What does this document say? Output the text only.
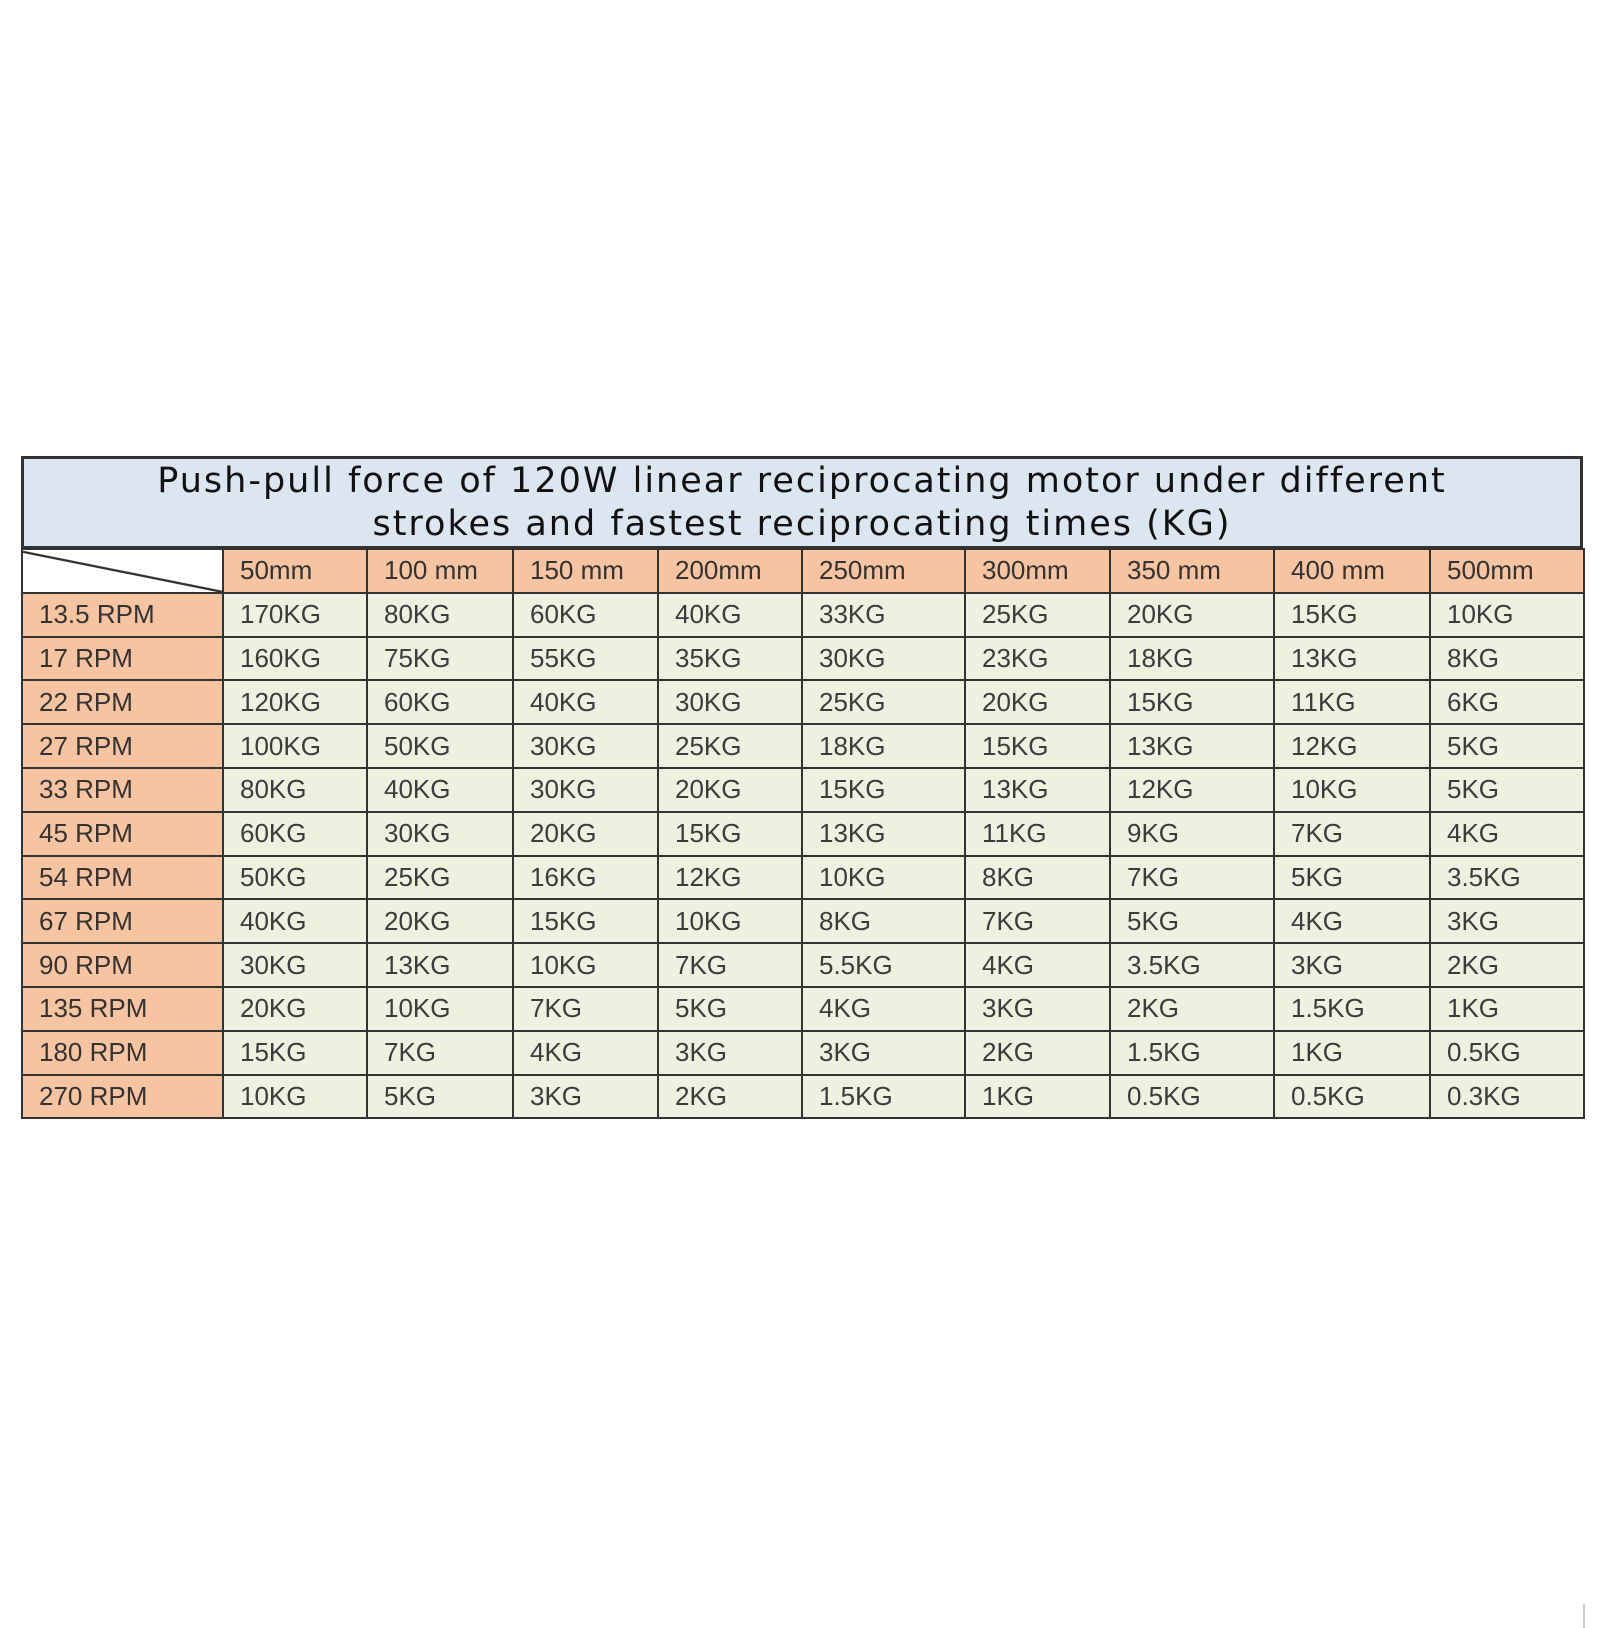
Push-pull force of 120W linear reciprocating motor under different
strokes and fastest reciprocating times (KG)
	50mm	100 mm	150 mm	200mm	250mm	300mm	350 mm	400 mm	500mm
13.5 RPM	170KG	80KG	60KG	40KG	33KG	25KG	20KG	15KG	10KG
17 RPM	160KG	75KG	55KG	35KG	30KG	23KG	18KG	13KG	8KG
22 RPM	120KG	60KG	40KG	30KG	25KG	20KG	15KG	11KG	6KG
27 RPM	100KG	50KG	30KG	25KG	18KG	15KG	13KG	12KG	5KG
33 RPM	80KG	40KG	30KG	20KG	15KG	13KG	12KG	10KG	5KG
45 RPM	60KG	30KG	20KG	15KG	13KG	11KG	9KG	7KG	4KG
54 RPM	50KG	25KG	16KG	12KG	10KG	8KG	7KG	5KG	3.5KG
67 RPM	40KG	20KG	15KG	10KG	8KG	7KG	5KG	4KG	3KG
90 RPM	30KG	13KG	10KG	7KG	5.5KG	4KG	3.5KG	3KG	2KG
135 RPM	20KG	10KG	7KG	5KG	4KG	3KG	2KG	1.5KG	1KG
180 RPM	15KG	7KG	4KG	3KG	3KG	2KG	1.5KG	1KG	0.5KG
270 RPM	10KG	5KG	3KG	2KG	1.5KG	1KG	0.5KG	0.5KG	0.3KG
